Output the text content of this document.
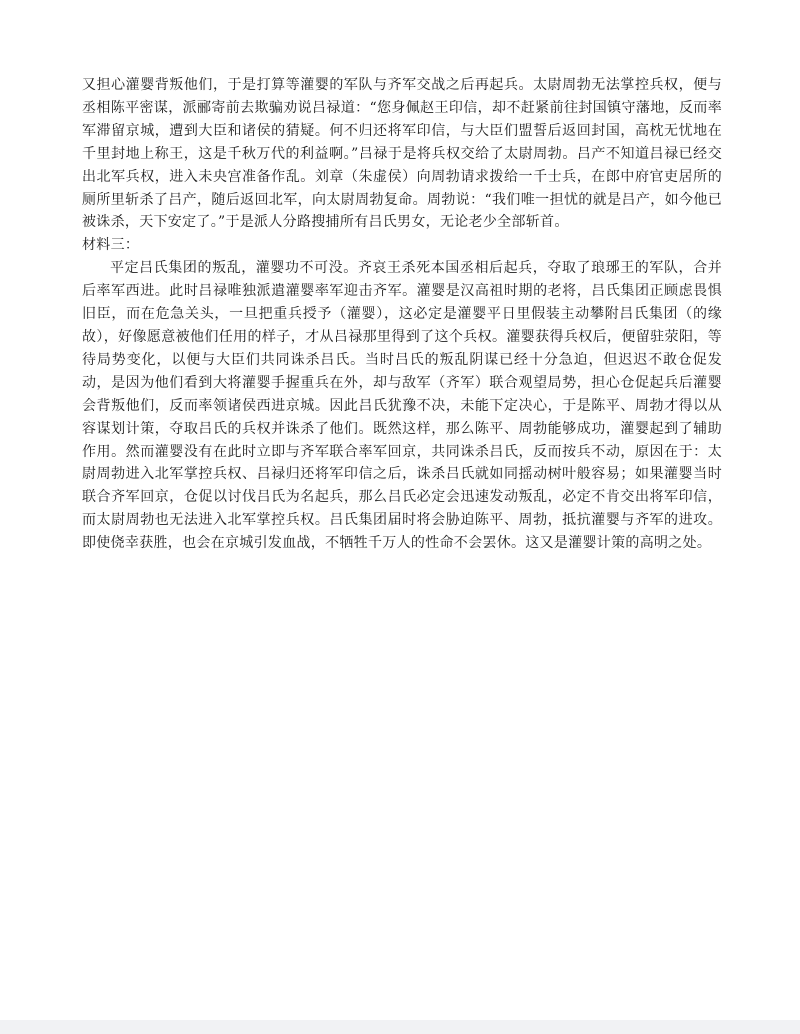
又担心灌婴背叛他们，于是打算等灌婴的军队与齐军交战之后再起兵。太尉周勃无法掌控兵权，便与丞相陈平密谋，派郦寄前去欺骗劝说吕禄道：“您身佩赵王印信，却不赶紧前往封国镇守藩地，反而率军滞留京城，遭到大臣和诸侯的猜疑。何不归还将军印信，与大臣们盟誓后返回封国，高枕无忧地在千里封地上称王，这是千秋万代的利益啊。”吕禄于是将兵权交给了太尉周勃。吕产不知道吕禄已经交出北军兵权，进入未央宫准备作乱。刘章（朱虚侯）向周勃请求拨给一千士兵，在郎中府官吏居所的厕所里斩杀了吕产，随后返回北军，向太尉周勃复命。周勃说：“我们唯一担忧的就是吕产，如今他已被诛杀，天下安定了。”于是派人分路搜捕所有吕氏男女，无论老少全部斩首。

材料三：

平定吕氏集团的叛乱，灌婴功不可没。齐哀王杀死本国丞相后起兵，夺取了琅琊王的军队，合并后率军西进。此时吕禄唯独派遣灌婴率军迎击齐军。灌婴是汉高祖时期的老将，吕氏集团正顾虑畏惧旧臣，而在危急关头，一旦把重兵授予（灌婴），这必定是灌婴平日里假装主动攀附吕氏集团（的缘故），好像愿意被他们任用的样子，才从吕禄那里得到了这个兵权。灌婴获得兵权后，便留驻荥阳，等待局势变化，以便与大臣们共同诛杀吕氏。当时吕氏的叛乱阴谋已经十分急迫，但迟迟不敢仓促发动，是因为他们看到大将灌婴手握重兵在外，却与敌军（齐军）联合观望局势，担心仓促起兵后灌婴会背叛他们，反而率领诸侯西进京城。因此吕氏犹豫不决，未能下定决心，于是陈平、周勃才得以从容谋划计策，夺取吕氏的兵权并诛杀了他们。既然这样，那么陈平、周勃能够成功，灌婴起到了辅助作用。然而灌婴没有在此时立即与齐军联合率军回京，共同诛杀吕氏，反而按兵不动，原因在于：太尉周勃进入北军掌控兵权、吕禄归还将军印信之后，诛杀吕氏就如同摇动树叶般容易；如果灌婴当时联合齐军回京，仓促以讨伐吕氏为名起兵，那么吕氏必定会迅速发动叛乱，必定不肯交出将军印信，而太尉周勃也无法进入北军掌控兵权。吕氏集团届时将会胁迫陈平、周勃，抵抗灌婴与齐军的进攻。即使侥幸获胜，也会在京城引发血战，不牺牲千万人的性命不会罢休。这又是灌婴计策的高明之处。
